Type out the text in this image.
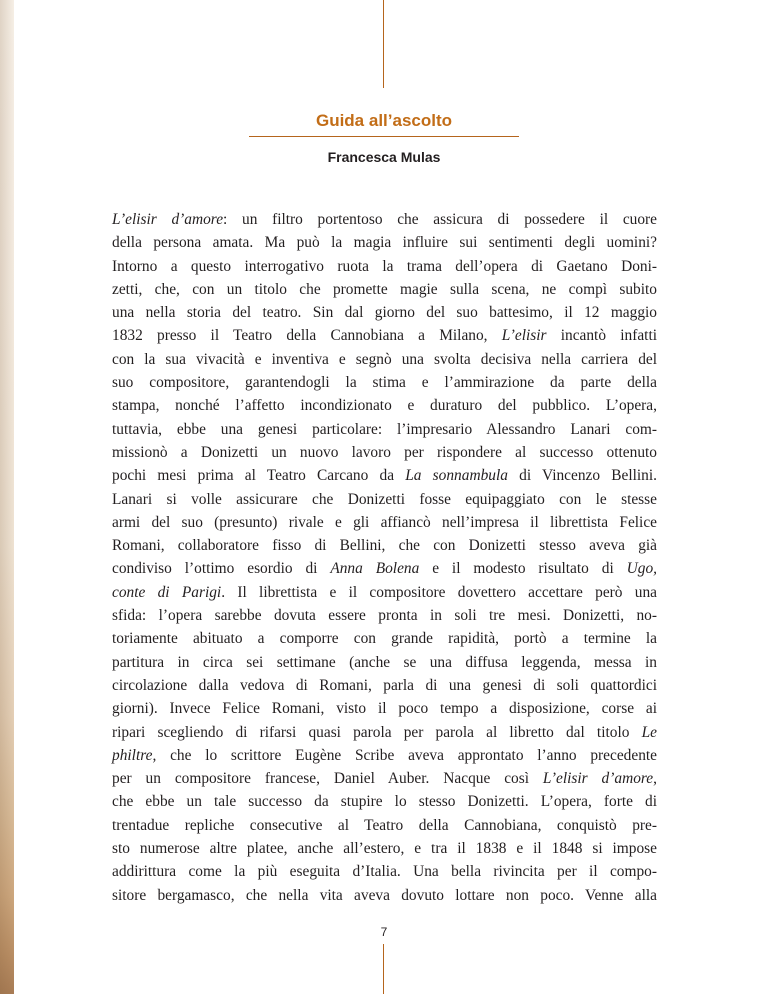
Guida all’ascolto
Francesca Mulas
L’elisir d’amore: un filtro portentoso che assicura di possedere il cuore
della persona amata. Ma può la magia influire sui sentimenti degli uomini?
Intorno a questo interrogativo ruota la trama dell’opera di Gaetano Doni-
zetti, che, con un titolo che promette magie sulla scena, ne compì subito
una nella storia del teatro. Sin dal giorno del suo battesimo, il 12 maggio
1832 presso il Teatro della Cannobiana a Milano, L’elisir incantò infatti
con la sua vivacità e inventiva e segnò una svolta decisiva nella carriera del
suo compositore, garantendogli la stima e l’ammirazione da parte della
stampa, nonché l’affetto incondizionato e duraturo del pubblico. L’opera,
tuttavia, ebbe una genesi particolare: l’impresario Alessandro Lanari com-
missionò a Donizetti un nuovo lavoro per rispondere al successo ottenuto
pochi mesi prima al Teatro Carcano da La sonnambula di Vincenzo Bellini.
Lanari si volle assicurare che Donizetti fosse equipaggiato con le stesse
armi del suo (presunto) rivale e gli affiancò nell’impresa il librettista Felice
Romani, collaboratore fisso di Bellini, che con Donizetti stesso aveva già
condiviso l’ottimo esordio di Anna Bolena e il modesto risultato di Ugo,
conte di Parigi. Il librettista e il compositore dovettero accettare però una
sfida: l’opera sarebbe dovuta essere pronta in soli tre mesi. Donizetti, no-
toriamente abituato a comporre con grande rapidità, portò a termine la
partitura in circa sei settimane (anche se una diffusa leggenda, messa in
circolazione dalla vedova di Romani, parla di una genesi di soli quattordici
giorni). Invece Felice Romani, visto il poco tempo a disposizione, corse ai
ripari scegliendo di rifarsi quasi parola per parola al libretto dal titolo Le
philtre, che lo scrittore Eugène Scribe aveva approntato l’anno precedente
per un compositore francese, Daniel Auber. Nacque così L’elisir d’amore,
che ebbe un tale successo da stupire lo stesso Donizetti. L’opera, forte di
trentadue repliche consecutive al Teatro della Cannobiana, conquistò pre-
sto numerose altre platee, anche all’estero, e tra il 1838 e il 1848 si impose
addirittura come la più eseguita d’Italia. Una bella rivincita per il compo-
sitore bergamasco, che nella vita aveva dovuto lottare non poco. Venne alla
7
